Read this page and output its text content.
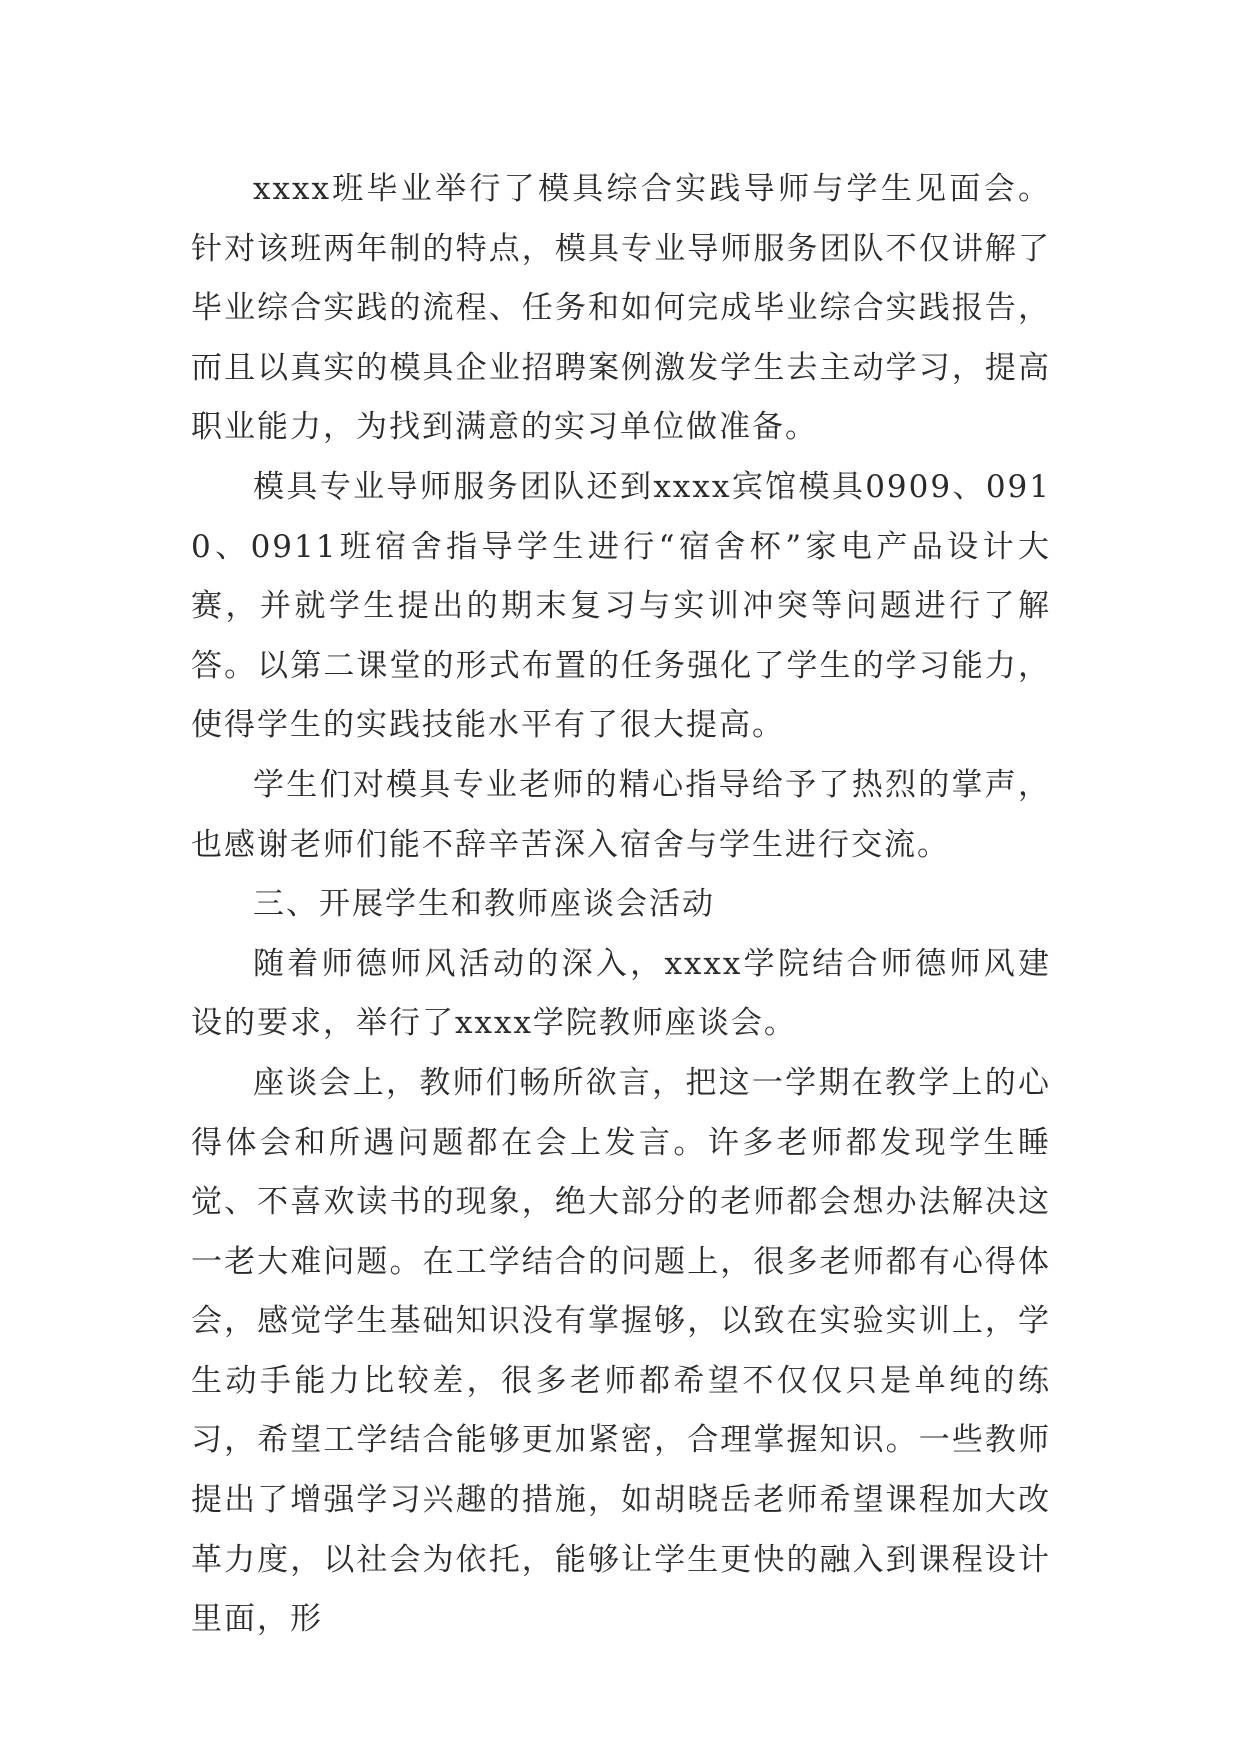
xxxx班毕业举行了模具综合实践导师与学生见面会。针对该班两年制的特点，模具专业导师服务团队不仅讲解了毕业综合实践的流程、任务和如何完成毕业综合实践报告，而且以真实的模具企业招聘案例激发学生去主动学习，提高职业能力，为找到满意的实习单位做准备。

模具专业导师服务团队还到xxxx宾馆模具0909、0910、0911班宿舍指导学生进行“宿舍杯”家电产品设计大赛，并就学生提出的期末复习与实训冲突等问题进行了解答。以第二课堂的形式布置的任务强化了学生的学习能力，使得学生的实践技能水平有了很大提高。

学生们对模具专业老师的精心指导给予了热烈的掌声，也感谢老师们能不辞辛苦深入宿舍与学生进行交流。

三、开展学生和教师座谈会活动

随着师德师风活动的深入，xxxx学院结合师德师风建设的要求，举行了xxxx学院教师座谈会。

座谈会上，教师们畅所欲言，把这一学期在教学上的心得体会和所遇问题都在会上发言。许多老师都发现学生睡觉、不喜欢读书的现象，绝大部分的老师都会想办法解决这一老大难问题。在工学结合的问题上，很多老师都有心得体会，感觉学生基础知识没有掌握够，以致在实验实训上，学生动手能力比较差，很多老师都希望不仅仅只是单纯的练习，希望工学结合能够更加紧密，合理掌握知识。一些教师提出了增强学习兴趣的措施，如胡晓岳老师希望课程加大改革力度，以社会为依托，能够让学生更快的融入到课程设计里面，形
